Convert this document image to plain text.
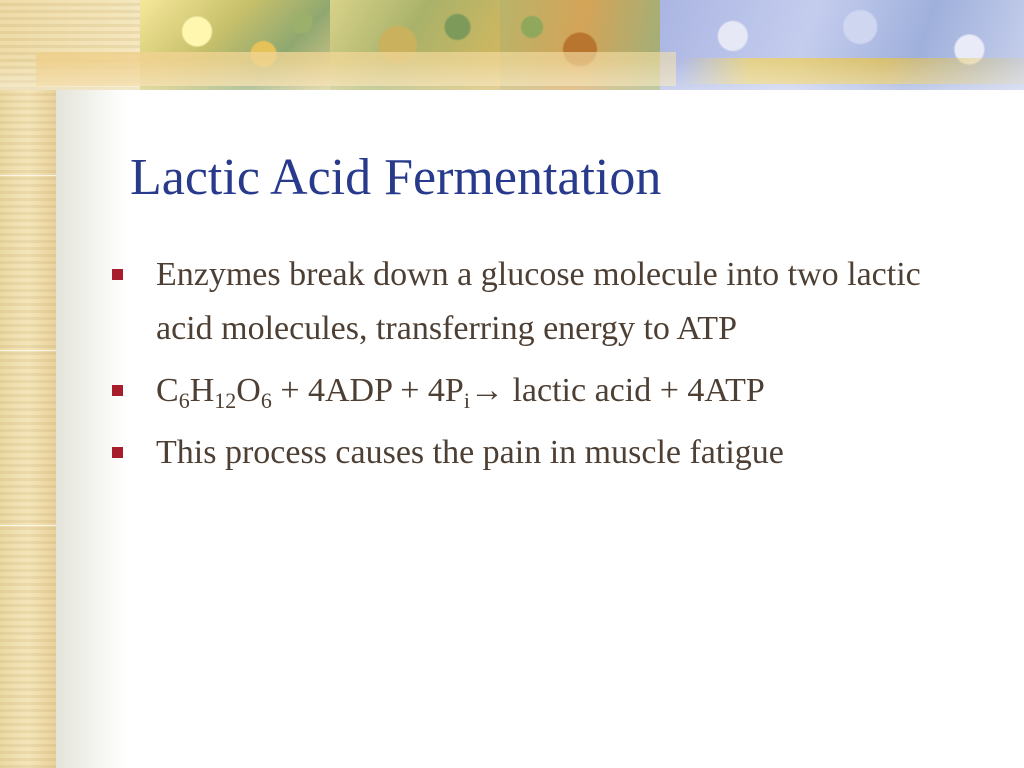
Lactic Acid Fermentation
Enzymes break down a glucose molecule into two lactic acid molecules, transferring energy to ATP
$C_6H_{12}O_6 + 4ADP + 4P_i\to$ lactic acid + 4ATP
This process causes the pain in muscle fatigue
